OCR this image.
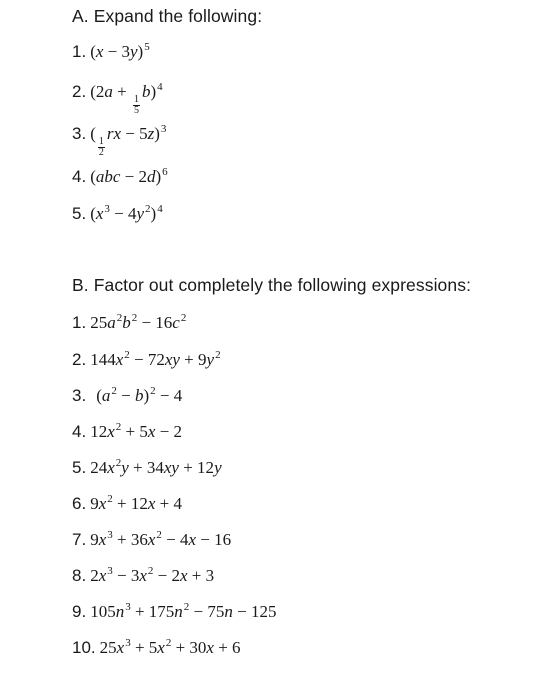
A. Expand the following:
1. $(x - 3y)^5$
2. (2a +
$\frac{1}{5}$
b)$^4$
3. (
$\frac{1}{2}$
rx − 5z)$^3$
4. (abc − 2d)$^6$
5. $(x^3 - 4y^2)^4$
B. Factor out completely the following expressions:
1. $25a^2b^2 - 16c^2$
2. $144x^2 - 72xy + 9y^2$
3. $(a^2 - b)^2 - 4$
4. $12x^2 + 5x - 2$
5. $24x^2y + 34xy + 12y$
6. $9x^2 + 12x + 4$
7. $9x^3 + 36x^2 - 4x - 16$
8. $2x^3 - 3x^2 - 2x + 3$
9. $105n^3 + 175n^2 - 75n - 125$
10. $25x^3 + 5x^2 + 30x + 6$
